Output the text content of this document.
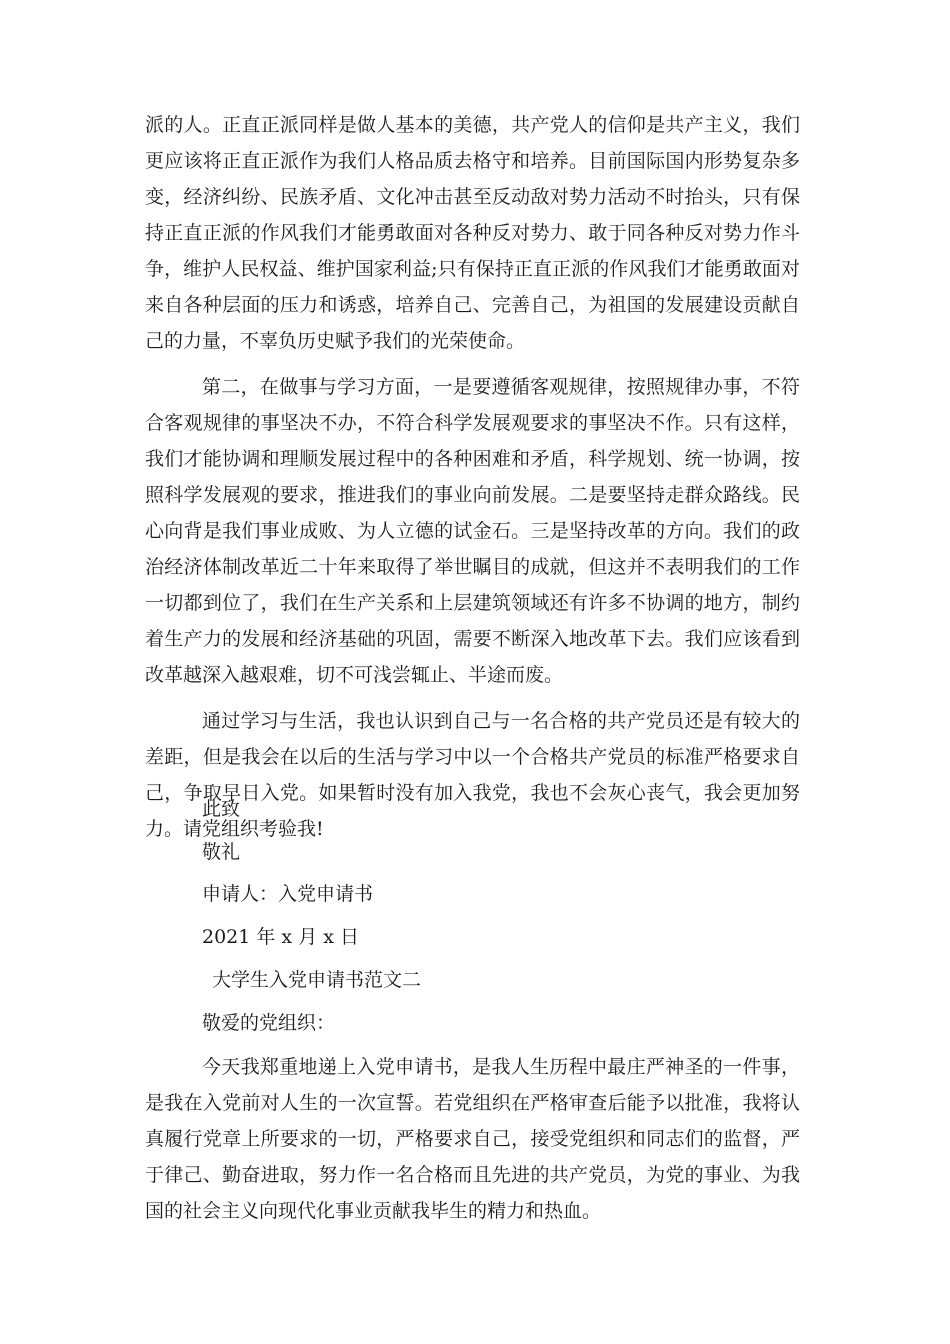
派的人。正直正派同样是做人基本的美德，共产党人的信仰是共产主义，我们更应该将正直正派作为我们人格品质去格守和培养。目前国际国内形势复杂多变，经济纠纷、民族矛盾、文化冲击甚至反动敌对势力活动不时抬头，只有保持正直正派的作风我们才能勇敢面对各种反对势力、敢于同各种反对势力作斗争，维护人民权益、维护国家利益;只有保持正直正派的作风我们才能勇敢面对来自各种层面的压力和诱惑，培养自己、完善自己，为祖国的发展建设贡献自己的力量，不辜负历史赋予我们的光荣使命。

第二，在做事与学习方面，一是要遵循客观规律，按照规律办事，不符合客观规律的事坚决不办，不符合科学发展观要求的事坚决不作。只有这样，我们才能协调和理顺发展过程中的各种困难和矛盾，科学规划、统一协调，按照科学发展观的要求，推进我们的事业向前发展。二是要坚持走群众路线。民心向背是我们事业成败、为人立德的试金石。三是坚持改革的方向。我们的政治经济体制改革近二十年来取得了举世瞩目的成就，但这并不表明我们的工作一切都到位了，我们在生产关系和上层建筑领域还有许多不协调的地方，制约着生产力的发展和经济基础的巩固，需要不断深入地改革下去。我们应该看到改革越深入越艰难，切不可浅尝辄止、半途而废。

通过学习与生活，我也认识到自己与一名合格的共产党员还是有较大的差距，但是我会在以后的生活与学习中以一个合格共产党员的标准严格要求自己，争取早日入党。如果暂时没有加入我党，我也不会灰心丧气，我会更加努力。请党组织考验我!

此致
敬礼
申请人：入党申请书
2021 年 x 月 x 日
大学生入党申请书范文二
敬爱的党组织：

今天我郑重地递上入党申请书，是我人生历程中最庄严神圣的一件事，是我在入党前对人生的一次宣誓。若党组织在严格审查后能予以批准，我将认真履行党章上所要求的一切，严格要求自己，接受党组织和同志们的监督，严于律己、勤奋进取，努力作一名合格而且先进的共产党员，为党的事业、为我国的社会主义向现代化事业贡献我毕生的精力和热血。
